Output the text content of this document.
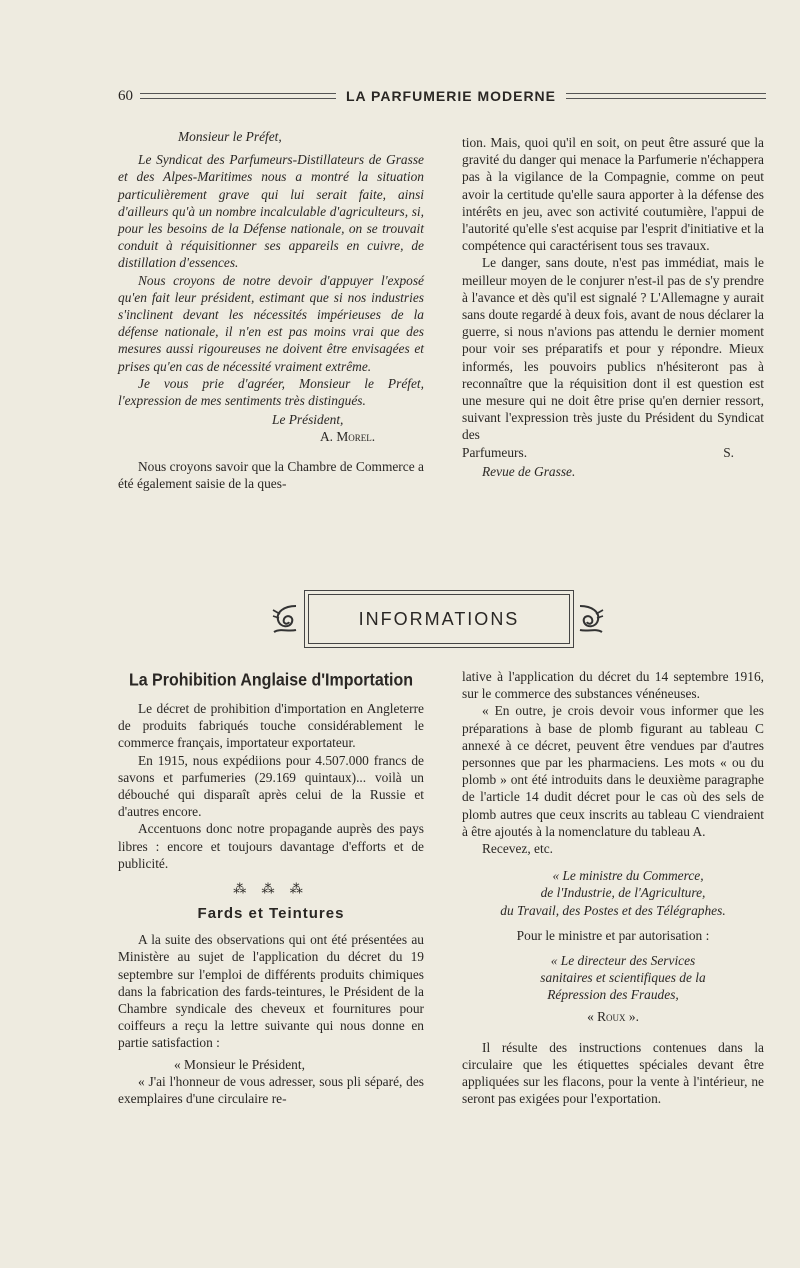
60	LA PARFUMERIE MODERNE

Monsieur le Préfet,

Le Syndicat des Parfumeurs-Distillateurs de Grasse et des Alpes-Maritimes nous a montré la situation particulièrement grave qui lui serait faite, ainsi d'ailleurs qu'à un nombre incalculable d'agriculteurs, si, pour les besoins de la Défense nationale, on se trouvait conduit à réquisitionner ses appareils en cuivre, de distillation d'essences.

Nous croyons de notre devoir d'appuyer l'exposé qu'en fait leur président, estimant que si nos industries s'inclinent devant les nécessités impérieuses de la défense nationale, il n'en est pas moins vrai que des mesures aussi rigoureuses ne doivent être envisagées et prises qu'en cas de nécessité vraiment extrême.

Je vous prie d'agréer, Monsieur le Préfet, l'expression de mes sentiments très distingués.

Le Président,

A. Morel.

Nous croyons savoir que la Chambre de Commerce a été également saisie de la ques-

tion. Mais, quoi qu'il en soit, on peut être assuré que la gravité du danger qui menace la Parfumerie n'échappera pas à la vigilance de la Compagnie, comme on peut avoir la certitude qu'elle saura apporter à la défense des intérêts en jeu, avec son activité coutumière, l'appui de l'autorité qu'elle s'est acquise par l'esprit d'initiative et la compétence qui caractérisent tous ses travaux.

Le danger, sans doute, n'est pas immédiat, mais le meilleur moyen de le conjurer n'est-il pas de s'y prendre à l'avance et dès qu'il est signalé ? L'Allemagne y aurait sans doute regardé à deux fois, avant de nous déclarer la guerre, si nous n'avions pas attendu le dernier moment pour voir ses préparatifs et pour y répondre. Mieux informés, les pouvoirs publics n'hésiteront pas à reconnaître que la réquisition dont il est question est une mesure qui ne doit être prise qu'en dernier ressort, suivant l'expression très juste du Président du Syndicat des

Parfumeurs.	S.

Revue de Grasse.

INFORMATIONS
La Prohibition Anglaise d'Importation

Le décret de prohibition d'importation en Angleterre de produits fabriqués touche considérablement le commerce français, importateur exportateur.

En 1915, nous expédiions pour 4.507.000 francs de savons et parfumeries (29.169 quintaux)... voilà un débouché qui disparaît après celui de la Russie et d'autres encore.

Accentuons donc notre propagande auprès des pays libres : encore et toujours davantage d'efforts et de publicité.

⁂ ⁂ ⁂
Fards et Teintures

A la suite des observations qui ont été présentées au Ministère au sujet de l'application du décret du 19 septembre sur l'emploi de différents produits chimiques dans la fabrication des fards-teintures, le Président de la Chambre syndicale des cheveux et fournitures pour coiffeurs a reçu la lettre suivante qui nous donne en partie satisfaction :

« Monsieur le Président,

« J'ai l'honneur de vous adresser, sous pli séparé, des exemplaires d'une circulaire re-

lative à l'application du décret du 14 septembre 1916, sur le commerce des substances vénéneuses.

« En outre, je crois devoir vous informer que les préparations à base de plomb figurant au tableau C annexé à ce décret, peuvent être vendues par d'autres personnes que par les pharmaciens. Les mots « ou du plomb » ont été introduits dans le deuxième paragraphe de l'article 14 dudit décret pour le cas où des sels de plomb autres que ceux inscrits au tableau C viendraient à être ajoutés à la nomenclature du tableau A.

Recevez, etc.

« Le ministre du Commerce,
de l'Industrie, de l'Agriculture,
du Travail, des Postes et des Télégraphes.

Pour le ministre et par autorisation :

« Le directeur des Services
sanitaires et scientifiques de la
Répression des Fraudes,
« Roux ».

Il résulte des instructions contenues dans la circulaire que les étiquettes spéciales devant être appliquées sur les flacons, pour la vente à l'intérieur, ne seront pas exigées pour l'exportation.
